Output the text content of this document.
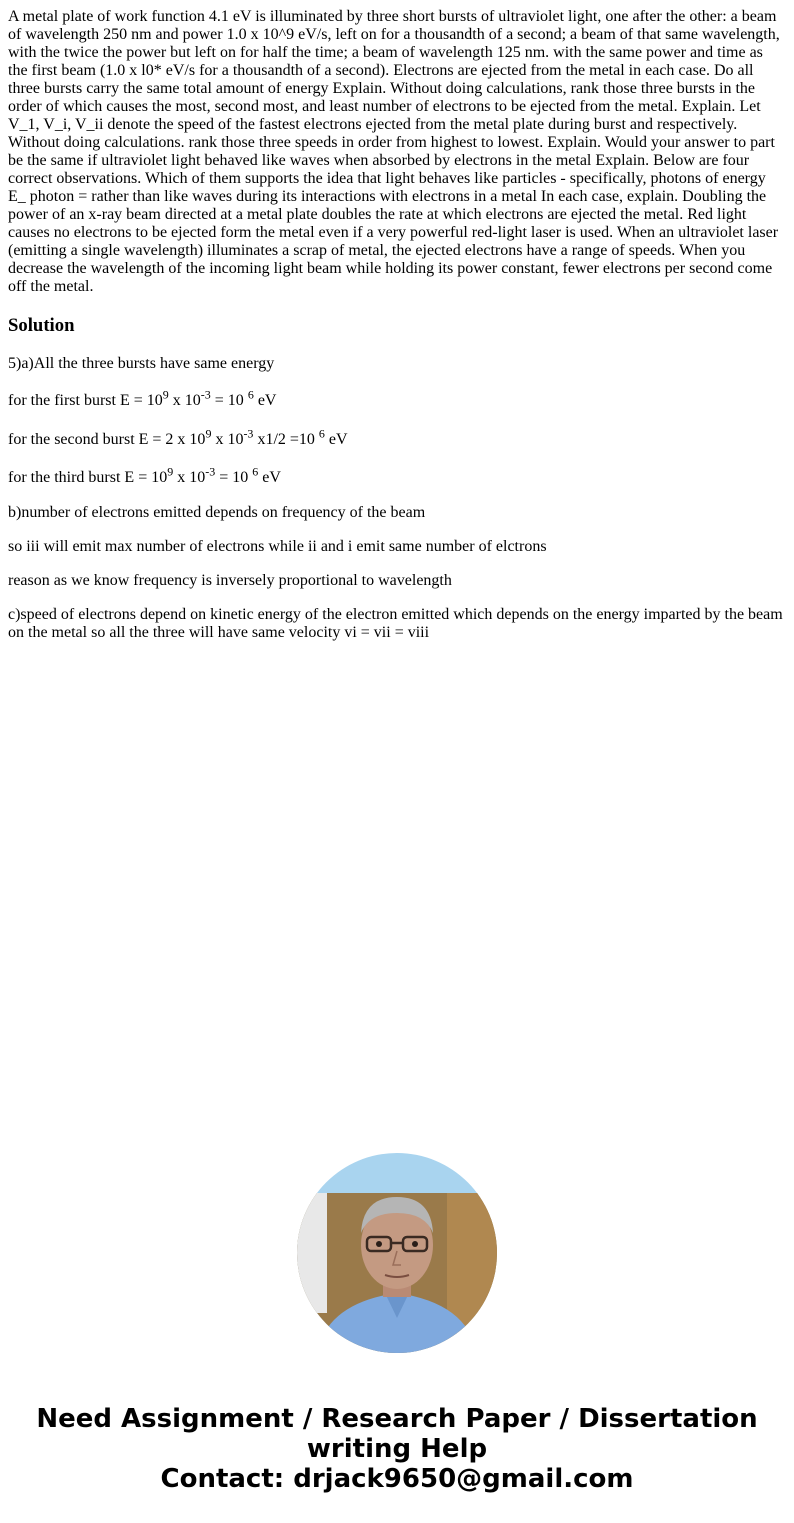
A metal plate of work function 4.1 eV is illuminated by three short bursts of ultraviolet light, one after the other: a beam of wavelength 250 nm and power 1.0 x 10^9 eV/s, left on for a thousandth of a second; a beam of that same wavelength, with the twice the power but left on for half the time; a beam of wavelength 125 nm. with the same power and time as the first beam (1.0 x l0* eV/s for a thousandth of a second). Electrons are ejected from the metal in each case. Do all three bursts carry the same total amount of energy Explain. Without doing calculations, rank those three bursts in the order of which causes the most, second most, and least number of electrons to be ejected from the metal. Explain. Let V_1, V_i, V_ii denote the speed of the fastest electrons ejected from the metal plate during burst and respectively. Without doing calculations. rank those three speeds in order from highest to lowest. Explain. Would your answer to part be the same if ultraviolet light behaved like waves when absorbed by electrons in the metal Explain. Below are four correct observations. Which of them supports the idea that light behaves like particles - specifically, photons of energy E_ photon = rather than like waves during its interactions with electrons in a metal In each case, explain. Doubling the power of an x-ray beam directed at a metal plate doubles the rate at which electrons are ejected the metal. Red light causes no electrons to be ejected form the metal even if a very powerful red-light laser is used. When an ultraviolet laser (emitting a single wavelength) illuminates a scrap of metal, the ejected electrons have a range of speeds. When you decrease the wavelength of the incoming light beam while holding its power constant, fewer electrons per second come off the metal.

Solution

5)a)All the three bursts have same energy

for the first burst $E = 10^9$ x $10^{-3} = 10$ $^6$ eV

for the second burst E = 2 x $10^9$ x $10^{-3}$ x1/2 =10 $^6$ eV

for the third burst $E = 10^9$ x $10^{-3} = 10$ $^6$ eV

b)number of electrons emitted depends on frequency of the beam

so iii will emit max number of electrons while ii and i emit same number of elctrons

reason as we know frequency is inversely proportional to wavelength

c)speed of electrons depend on kinetic energy of the electron emitted which depends on the energy imparted by the beam on the metal so all the three will have same velocity vi = vii = viii

Need Assignment / Research Paper / Dissertation
writing Help
Contact: drjack9650@gmail.com
